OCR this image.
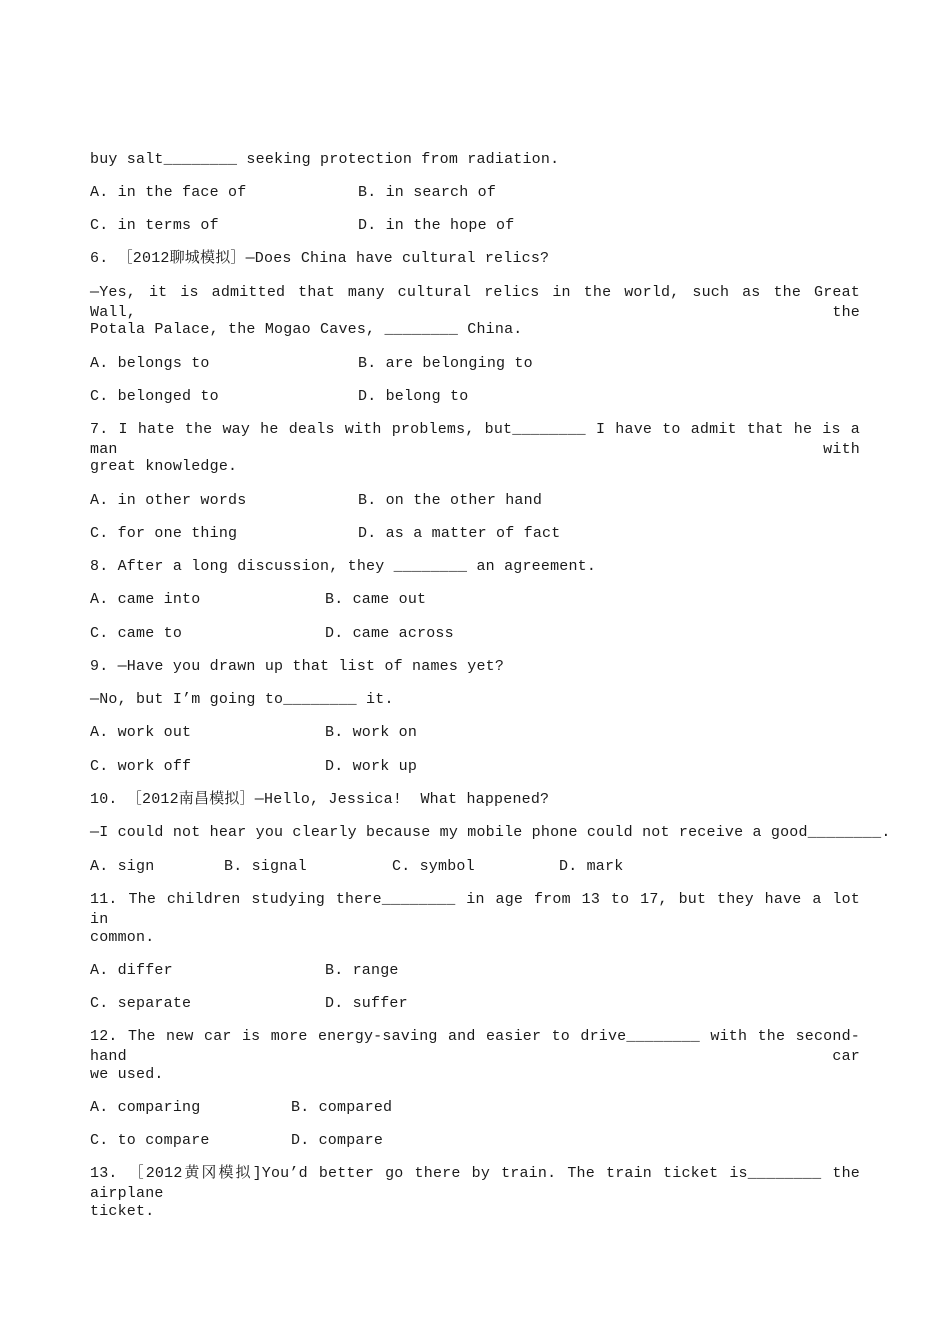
buy salt________ seeking protection from radiation.
A. in the face of	B. in search of
C. in terms of	D. in the hope of
6. ［2012聊城模拟］—Does China have cultural relics?
—Yes, it is admitted that many cultural relics in the world, such as the Great Wall, the
Potala Palace, the Mogao Caves, ________ China.
A. belongs to	B. are belonging to
C. belonged to	D. belong to
7. I hate the way he deals with problems, but________ I have to admit that he is a man with
great knowledge.
A. in other words	B. on the other hand
C. for one thing	D. as a matter of fact
8. After a long discussion, they ________ an agreement.
A. came into	B. came out
C. came to	D. came across
9. —Have you drawn up that list of names yet?
—No, but I’m going to________ it.
A. work out	B. work on
C. work off	D. work up
10. ［2012南昌模拟］—Hello, Jessica!  What happened?
—I could not hear you clearly because my mobile phone could not receive a good________.
A. sign	B. signal	C. symbol	D. mark
11. The children studying there________ in age from 13 to 17, but they have a lot in
common.
A. differ	B. range
C. separate	D. suffer
12. The new car is more energy-saving and easier to drive________ with the second-hand car
we used.
A. comparing	B. compared
C. to compare	D. compare
13. ［2012黄冈模拟]You’d better go there by train. The train ticket is________ the airplane
ticket.
